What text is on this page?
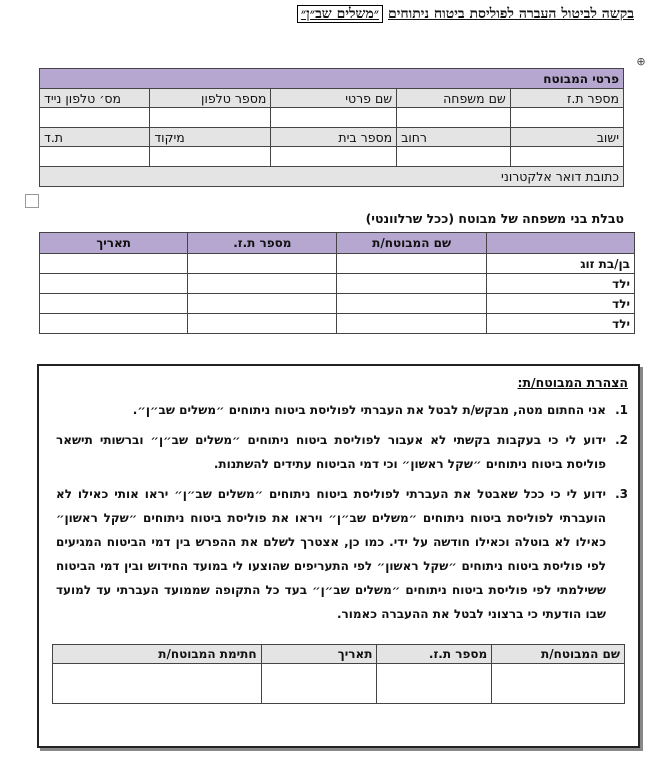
בקשה לביטול העברה לפוליסת ביטוח ניתוחים ״משלים שב״ן״
⊕
פרטי המבוטח				
מספר ת.ז	שם משפחה	שם פרטי	מספר טלפון	מס׳ טלפון נייד

ישוב	רחוב	מספר בית	מיקוד	ת.ד

כתובת דואר אלקטרוני				
טבלת בני משפחה של מבוטח (ככל שרלוונטי)
	שם המבוטח/ת	מספר ת.ז.	תאריך
בן/בת זוג			
ילד			
ילד			
ילד			
הצהרת המבוטח/ת:
1.
אני החתום מטה, מבקש/ת לבטל את העברתי לפוליסת ביטוח ניתוחים ״משלים שב״ן״.
2.
ידוע לי כי בעקבות בקשתי לא אעבור לפוליסת ביטוח ניתוחים ״משלים שב״ן״ וברשותי תישאר פוליסת ביטוח ניתוחים ״שקל ראשון״ וכי דמי הביטוח עתידים להשתנות.
3.
ידוע לי כי ככל שאבטל את העברתי לפוליסת ביטוח ניתוחים ״משלים שב״ן״ יראו אותי כאילו לא הועברתי לפוליסת ביטוח ניתוחים ״משלים שב״ן״ ויראו את פוליסת ביטוח ניתוחים ״שקל ראשון״ כאילו לא בוטלה וכאילו חודשה על ידי. כמו כן, אצטרך לשלם את ההפרש בין דמי הביטוח המגיעים לפי פוליסת ביטוח ניתוחים ״שקל ראשון״ לפי התעריפים שהוצעו לי במועד החידוש ובין דמי הביטוח ששילמתי לפי פוליסת ביטוח ניתוחים ״משלים שב״ן״ בעד כל התקופה שממועד העברתי עד למועד שבו הודעתי כי ברצוני לבטל את ההעברה כאמור.
שם המבוטח/ת	מספר ת.ז.	תאריך	חתימת המבוטח/ת
